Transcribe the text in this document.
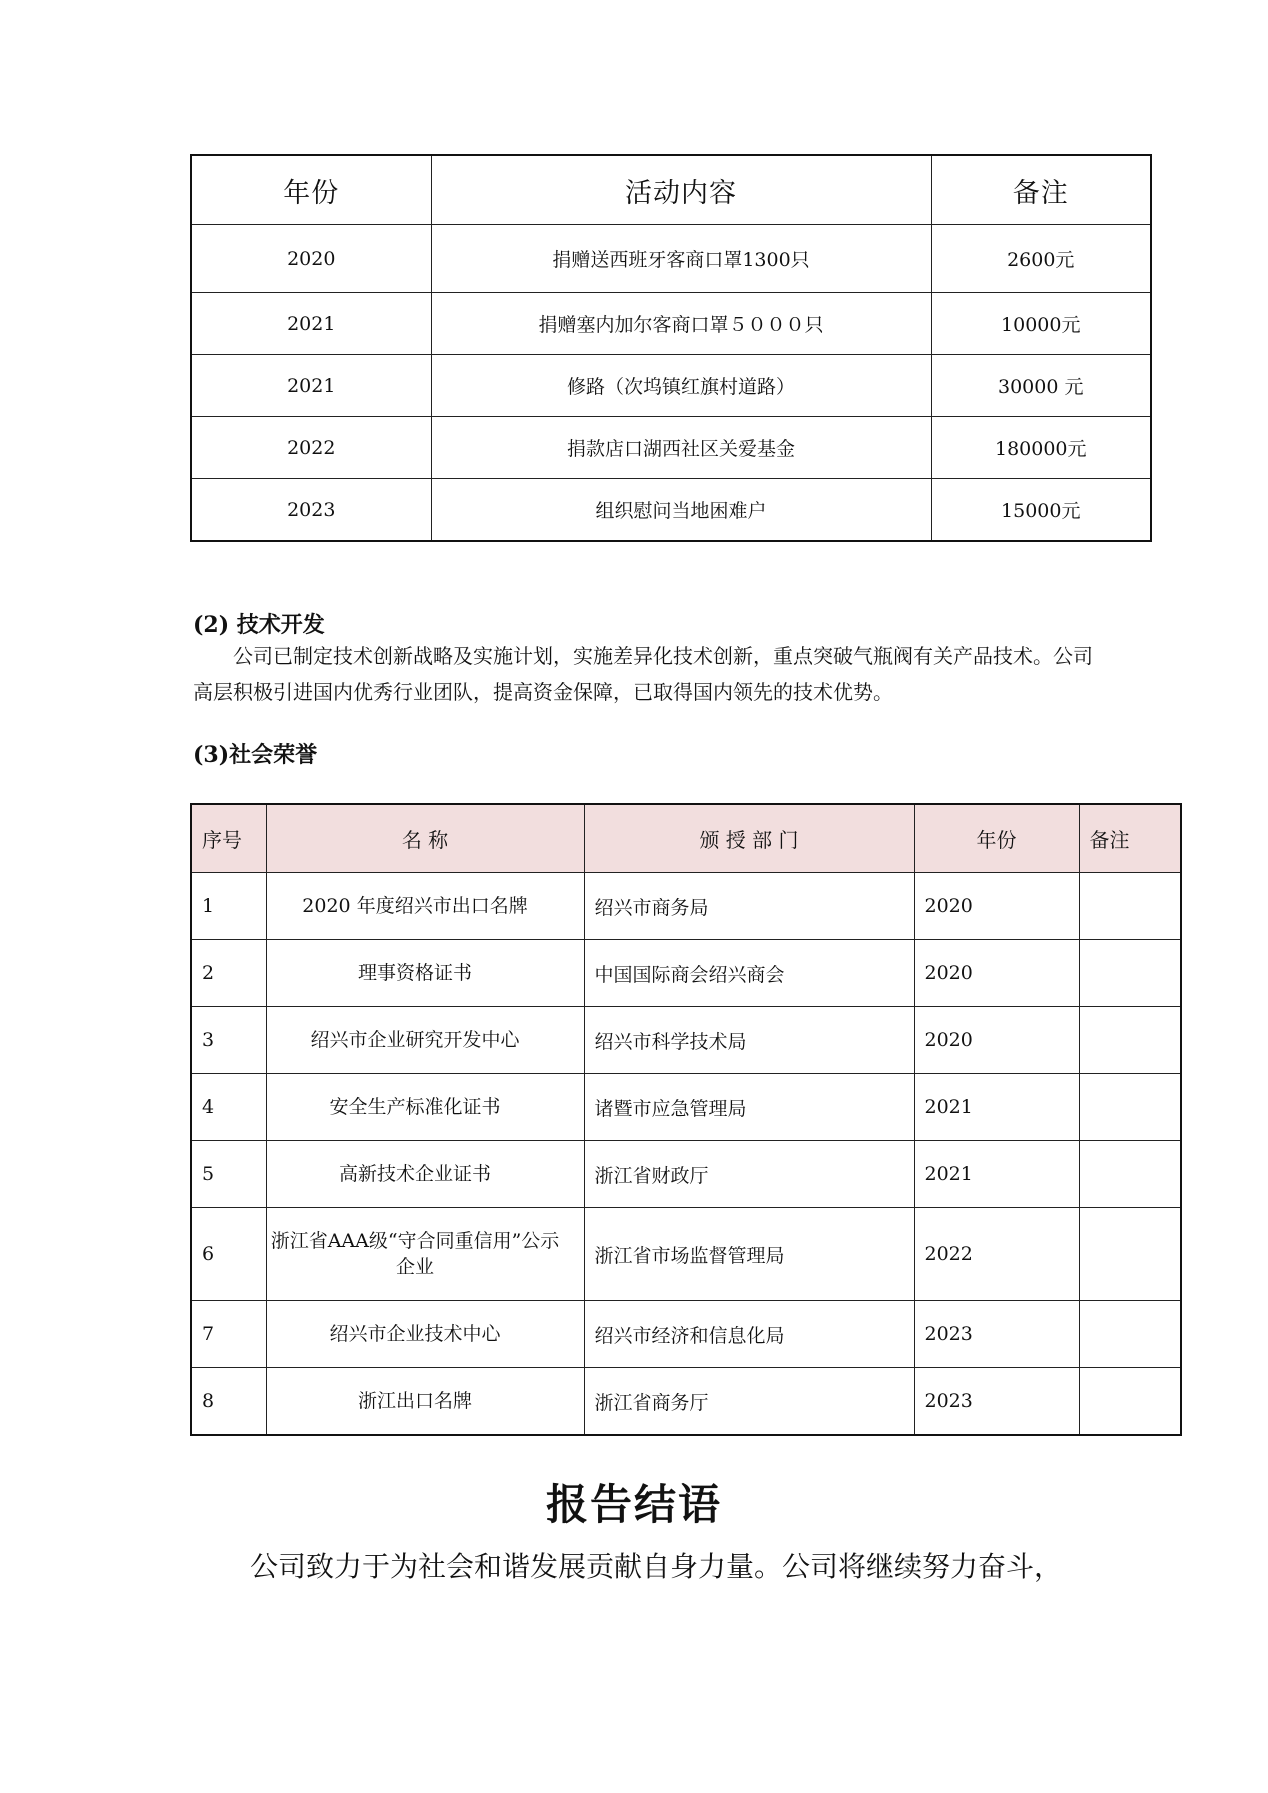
年份	活动内容	备注
2020	捐赠送西班牙客商口罩1300只	2600元
2021	捐赠塞内加尔客商口罩５０００只	10000元
2021	修路（次坞镇红旗村道路）	30000 元
2022	捐款店口湖西社区关爱基金	180000元
2023	组织慰问当地困难户	15000元
(2) 技术开发
公司已制定技术创新战略及实施计划，实施差异化技术创新，重点突破气瓶阀有关产品技术。公司高层积极引进国内优秀行业团队，提高资金保障，已取得国内领先的技术优势。
(3)社会荣誉
序号	名 称	颁 授 部 门	年份	备注
1	2020 年度绍兴市出口名牌	绍兴市商务局	2020	
2	理事资格证书	中国国际商会绍兴商会	2020	
3	绍兴市企业研究开发中心	绍兴市科学技术局	2020	
4	安全生产标准化证书	诸暨市应急管理局	2021	
5	高新技术企业证书	浙江省财政厅	2021	
6	浙江省AAA级“守合同重信用”公示企业	浙江省市场监督管理局	2022	
7	绍兴市企业技术中心	绍兴市经济和信息化局	2023	
8	浙江出口名牌	浙江省商务厅	2023	
报告结语
公司致力于为社会和谐发展贡献自身力量。公司将继续努力奋斗，
